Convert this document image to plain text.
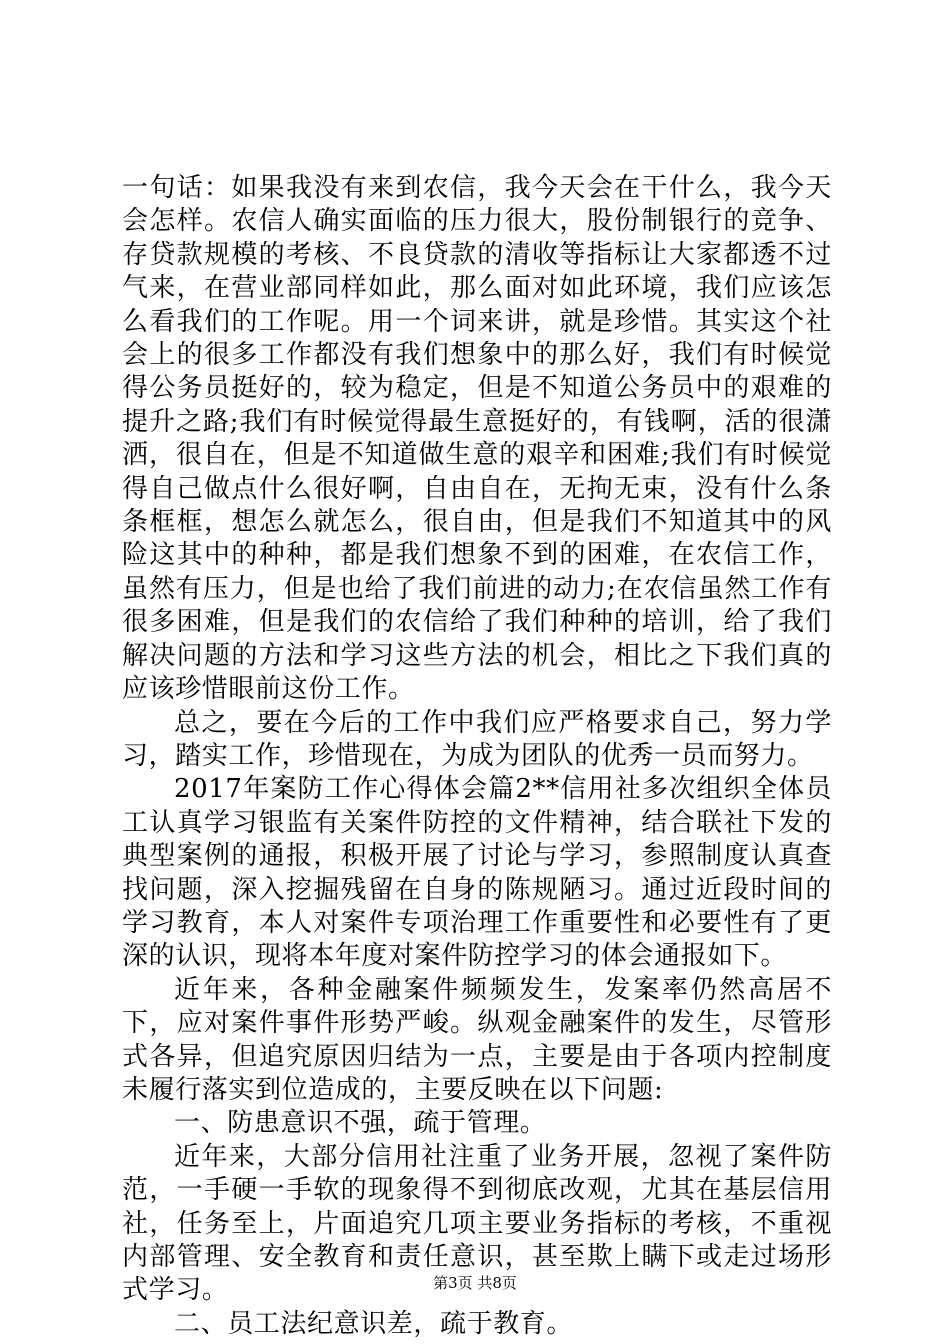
一句话：如果我没有来到农信，我今天会在干什么，我今天会怎样。农信人确实面临的压力很大，股份制银行的竞争、存贷款规模的考核、不良贷款的清收等指标让大家都透不过气来，在营业部同样如此，那么面对如此环境，我们应该怎么看我们的工作呢。用一个词来讲，就是珍惜。其实这个社会上的很多工作都没有我们想象中的那么好，我们有时候觉得公务员挺好的，较为稳定，但是不知道公务员中的艰难的提升之路;我们有时候觉得最生意挺好的，有钱啊，活的很潇洒，很自在，但是不知道做生意的艰辛和困难;我们有时候觉得自己做点什么很好啊，自由自在，无拘无束，没有什么条条框框，想怎么就怎么，很自由，但是我们不知道其中的风险这其中的种种，都是我们想象不到的困难，在农信工作，虽然有压力，但是也给了我们前进的动力;在农信虽然工作有很多困难，但是我们的农信给了我们种种的培训，给了我们解决问题的方法和学习这些方法的机会，相比之下我们真的应该珍惜眼前这份工作。

总之，要在今后的工作中我们应严格要求自己，努力学习，踏实工作，珍惜现在，为成为团队的优秀一员而努力。

2017年案防工作心得体会篇2**信用社多次组织全体员工认真学习银监有关案件防控的文件精神，结合联社下发的典型案例的通报，积极开展了讨论与学习，参照制度认真查找问题，深入挖掘残留在自身的陈规陋习。通过近段时间的学习教育，本人对案件专项治理工作重要性和必要性有了更深的认识，现将本年度对案件防控学习的体会通报如下。

近年来，各种金融案件频频发生，发案率仍然高居不下，应对案件事件形势严峻。纵观金融案件的发生，尽管形式各异，但追究原因归结为一点，主要是由于各项内控制度未履行落实到位造成的，主要反映在以下问题:

一、防患意识不强，疏于管理。

近年来，大部分信用社注重了业务开展，忽视了案件防范，一手硬一手软的现象得不到彻底改观，尤其在基层信用社，任务至上，片面追究几项主要业务指标的考核，不重视内部管理、安全教育和责任意识，甚至欺上瞒下或走过场形式学习。

二、员工法纪意识差，疏于教育。

第3页 共8页
